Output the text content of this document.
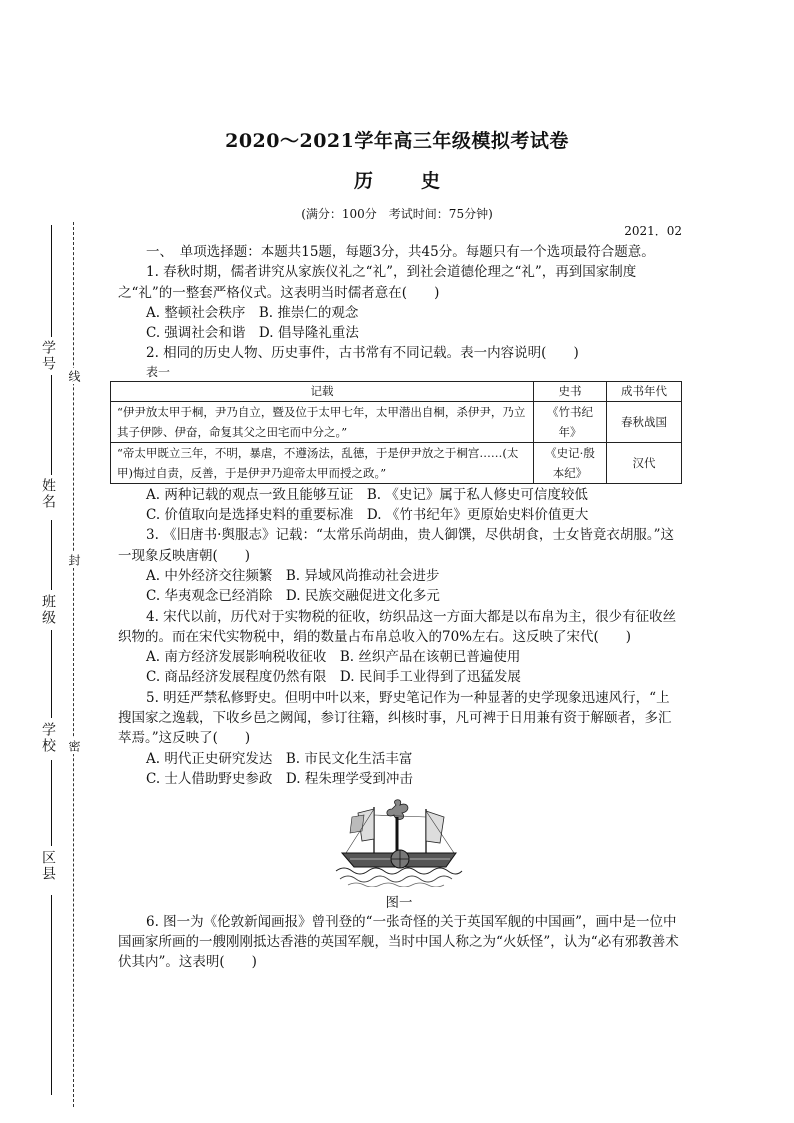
学号
姓名
班级
学校
区县
线
封
密
2020～2021学年高三年级模拟考试卷
历	史
(满分：100分　考试时间：75分钟)
2021．02

一、　单项选择题：本题共15题，每题3分，共45分。每题只有一个选项最符合题意。

1. 春秋时期，儒者讲究从家族仪礼之“礼”，到社会道德伦理之“礼”，再到国家制度之“礼”的一整套严格仪式。这表明当时儒者意在(　　)

A. 整顿社会秩序　B. 推崇仁的观念

C. 强调社会和谐　D. 倡导隆礼重法

2. 相同的历史人物、历史事件，古书常有不同记载。表一内容说明(　　)

表一

记载	史书	成书年代
“伊尹放太甲于桐，尹乃自立，暨及位于太甲七年，太甲潜出自桐，杀伊尹，乃立其子伊陟、伊奋，命复其父之田宅而中分之。”	《竹书纪年》	春秋战国
“帝太甲既立三年，不明，暴虐，不遵汤法，乱德，于是伊尹放之于桐宫……(太甲)悔过自责，反善，于是伊尹乃迎帝太甲而授之政。”	《史记·殷本纪》	汉代

A. 两种记载的观点一致且能够互证　B. 《史记》属于私人修史可信度较低

C. 价值取向是选择史料的重要标准　D. 《竹书纪年》更原始史料价值更大

3. 《旧唐书·舆服志》记载：“太常乐尚胡曲，贵人御馔，尽供胡食，士女皆竟衣胡服。”这一现象反映唐朝(　　)

A. 中外经济交往频繁　B. 异域风尚推动社会进步

C. 华夷观念已经消除　D. 民族交融促进文化多元

4. 宋代以前，历代对于实物税的征收，纺织品这一方面大都是以布帛为主，很少有征收丝织物的。而在宋代实物税中，绢的数量占布帛总收入的70%左右。这反映了宋代(　　)

A. 南方经济发展影响税收征收　B. 丝织产品在该朝已普遍使用

C. 商品经济发展程度仍然有限　D. 民间手工业得到了迅猛发展

5. 明廷严禁私修野史。但明中叶以来，野史笔记作为一种显著的史学现象迅速风行，“上搜国家之逸载，下收乡邑之阙闻，参订往籍，纠核时事，凡可裨于日用兼有资于解颐者，多汇萃焉。”这反映了(　　)

A. 明代正史研究发达　B. 市民文化生活丰富

C. 士人借助野史参政　D. 程朱理学受到冲击

图一

6. 图一为《伦敦新闻画报》曾刊登的“一张奇怪的关于英国军舰的中国画”，画中是一位中国画家所画的一艘刚刚抵达香港的英国军舰，当时中国人称之为“火妖怪”，认为“必有邪教善术伏其内”。这表明(　　)
